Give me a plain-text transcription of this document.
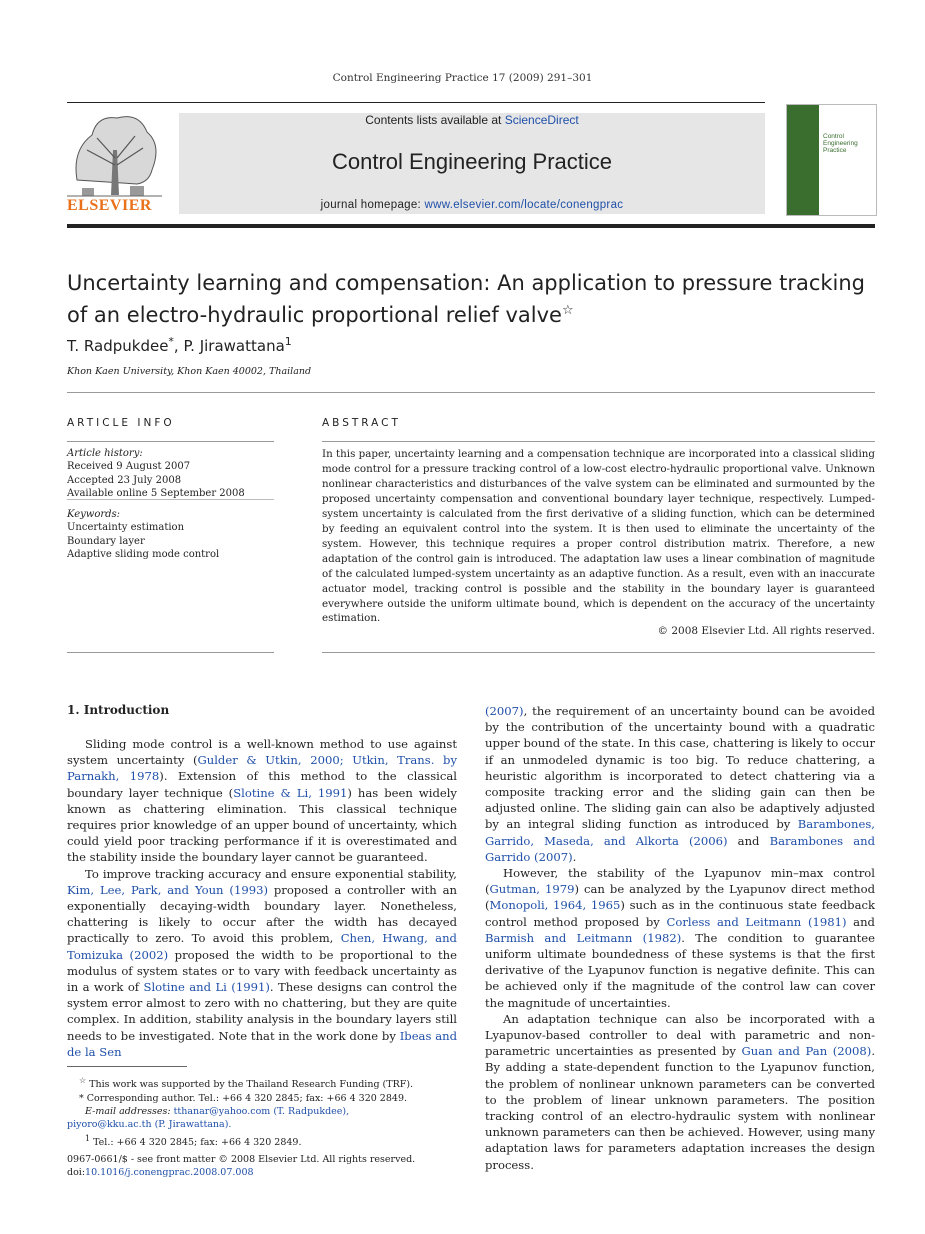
Control Engineering Practice 17 (2009) 291–301
ELSEVIER
Contents lists available at ScienceDirect
Control Engineering Practice
journal homepage: www.elsevier.com/locate/conengprac
Control Engineering Practice
Uncertainty learning and compensation: An application to pressure tracking of an electro-hydraulic proportional relief valve☆
T. Radpukdee*, P. Jirawattana$^1$
Khon Kaen University, Khon Kaen 40002, Thailand
ARTICLE INFO
Article history:
Received 9 August 2007
Accepted 23 July 2008
Available online 5 September 2008
Keywords:
Uncertainty estimation
Boundary layer
Adaptive sliding mode control
ABSTRACT
In this paper, uncertainty learning and a compensation technique are incorporated into a classical sliding mode control for a pressure tracking control of a low-cost electro-hydraulic proportional valve. Unknown nonlinear characteristics and disturbances of the valve system can be eliminated and surmounted by the proposed uncertainty compensation and conventional boundary layer technique, respectively. Lumped-system uncertainty is calculated from the first derivative of a sliding function, which can be determined by feeding an equivalent control into the system. It is then used to eliminate the uncertainty of the system. However, this technique requires a proper control distribution matrix. Therefore, a new adaptation of the control gain is introduced. The adaptation law uses a linear combination of magnitude of the calculated lumped-system uncertainty as an adaptive function. As a result, even with an inaccurate actuator model, tracking control is possible and the stability in the boundary layer is guaranteed everywhere outside the uniform ultimate bound, which is dependent on the accuracy of the uncertainty estimation.
© 2008 Elsevier Ltd. All rights reserved.
1. Introduction

Sliding mode control is a well-known method to use against system uncertainty (Gulder & Utkin, 2000; Utkin, Trans. by Parnakh, 1978). Extension of this method to the classical boundary layer technique (Slotine & Li, 1991) has been widely known as chattering elimination. This classical technique requires prior knowledge of an upper bound of uncertainty, which could yield poor tracking performance if it is overestimated and the stability inside the boundary layer cannot be guaranteed.

To improve tracking accuracy and ensure exponential stability, Kim, Lee, Park, and Youn (1993) proposed a controller with an exponentially decaying-width boundary layer. Nonetheless, chattering is likely to occur after the width has decayed practically to zero. To avoid this problem, Chen, Hwang, and Tomizuka (2002) proposed the width to be proportional to the modulus of system states or to vary with feedback uncertainty as in a work of Slotine and Li (1991). These designs can control the system error almost to zero with no chattering, but they are quite complex. In addition, stability analysis in the boundary layers still needs to be investigated. Note that in the work done by Ibeas and de la Sen

(2007), the requirement of an uncertainty bound can be avoided by the contribution of the uncertainty bound with a quadratic upper bound of the state. In this case, chattering is likely to occur if an unmodeled dynamic is too big. To reduce chattering, a heuristic algorithm is incorporated to detect chattering via a composite tracking error and the sliding gain can then be adjusted online. The sliding gain can also be adaptively adjusted by an integral sliding function as introduced by Barambones, Garrido, Maseda, and Alkorta (2006) and Barambones and Garrido (2007).

However, the stability of the Lyapunov min–max control (Gutman, 1979) can be analyzed by the Lyapunov direct method (Monopoli, 1964, 1965) such as in the continuous state feedback control method proposed by Corless and Leitmann (1981) and Barmish and Leitmann (1982). The condition to guarantee uniform ultimate boundedness of these systems is that the first derivative of the Lyapunov function is negative definite. This can be achieved only if the magnitude of the control law can cover the magnitude of uncertainties.

An adaptation technique can also be incorporated with a Lyapunov-based controller to deal with parametric and non-parametric uncertainties as presented by Guan and Pan (2008). By adding a state-dependent function to the Lyapunov function, the problem of nonlinear unknown parameters can be converted to the problem of linear unknown parameters. The position tracking control of an electro-hydraulic system with nonlinear unknown parameters can then be achieved. However, using many adaptation laws for parameters adaptation increases the design process.

☆ This work was supported by the Thailand Research Funding (TRF).
* Corresponding author. Tel.: +66 4 320 2845; fax: +66 4 320 2849.
E-mail addresses: tthanar@yahoo.com (T. Radpukdee),
piyoro@kku.ac.th (P. Jirawattana).
$^1$ Tel.: +66 4 320 2845; fax: +66 4 320 2849.
0967-0661/$ - see front matter © 2008 Elsevier Ltd. All rights reserved.
doi:10.1016/j.conengprac.2008.07.008
